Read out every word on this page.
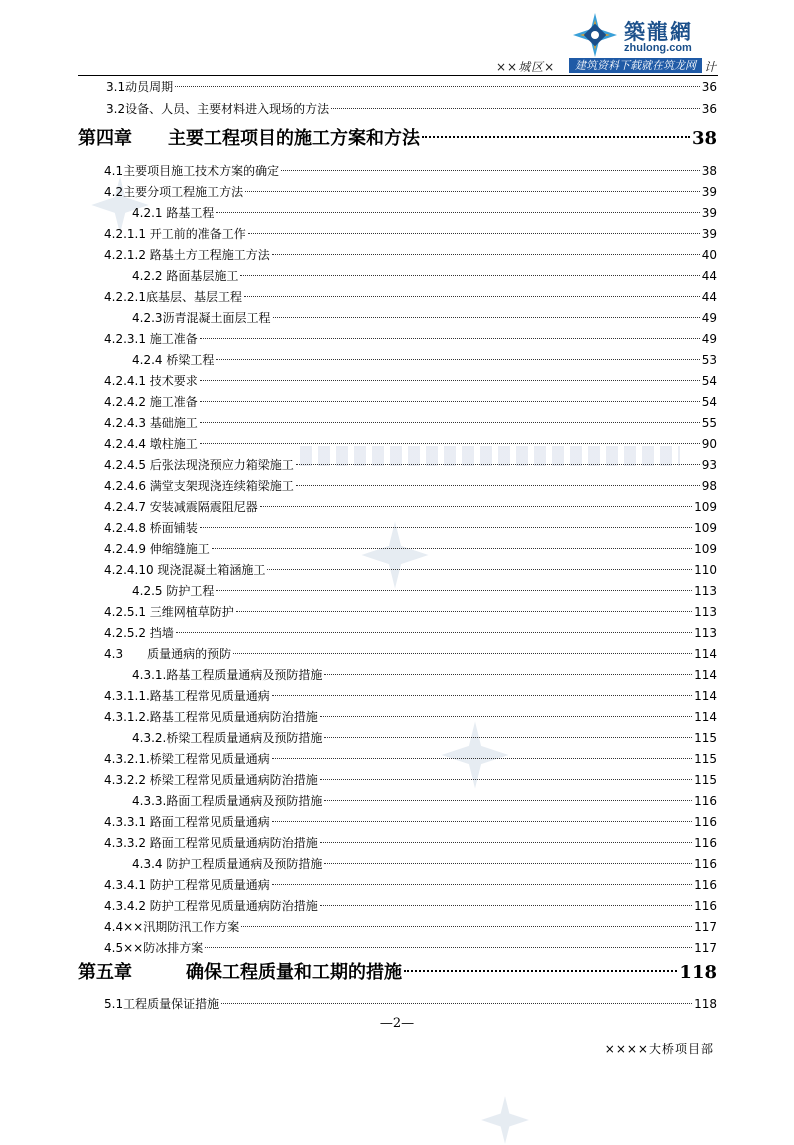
築龍網
zhulong.com
××城区×	建筑资料下载就在筑龙网 计
3.1动员周期	36
3.2设备、人员、主要材料进入现场的方法	36
第四章　　主要工程项目的施工方案和方法	38
4.1主要项目施工技术方案的确定	38
4.2主要分项工程施工方法	39
4.2.1 路基工程	39
4.2.1.1 开工前的准备工作	39
4.2.1.2 路基土方工程施工方法	40
4.2.2 路面基层施工	44
4.2.2.1底基层、基层工程	44
4.2.3沥青混凝土面层工程	49
4.2.3.1 施工准备	49
4.2.4 桥梁工程	53
4.2.4.1 技术要求	54
4.2.4.2 施工准备	54
4.2.4.3 基础施工	55
4.2.4.4 墩柱施工	90
4.2.4.5 后张法现浇预应力箱梁施工	93
4.2.4.6 满堂支架现浇连续箱梁施工	98
4.2.4.7 安装减震隔震阻尼器	109
4.2.4.8 桥面铺装	109
4.2.4.9 伸缩缝施工	109
4.2.4.10 现浇混凝土箱涵施工	110
4.2.5 防护工程	113
4.2.5.1 三维网植草防护	113
4.2.5.2 挡墙	113
4.3　　质量通病的预防	114
4.3.1.路基工程质量通病及预防措施	114
4.3.1.1.路基工程常见质量通病	114
4.3.1.2.路基工程常见质量通病防治措施	114
4.3.2.桥梁工程质量通病及预防措施	115
4.3.2.1.桥梁工程常见质量通病	115
4.3.2.2 桥梁工程常见质量通病防治措施	115
4.3.3.路面工程质量通病及预防措施	116
4.3.3.1 路面工程常见质量通病	116
4.3.3.2 路面工程常见质量通病防治措施	116
4.3.4 防护工程质量通病及预防措施	116
4.3.4.1 防护工程常见质量通病	116
4.3.4.2 防护工程常见质量通病防治措施	116
4.4××汛期防汛工作方案	117
4.5××防冰排方案	117
第五章　　　确保工程质量和工期的措施	118
5.1工程质量保证措施	118
—2—
××××大桥项目部
